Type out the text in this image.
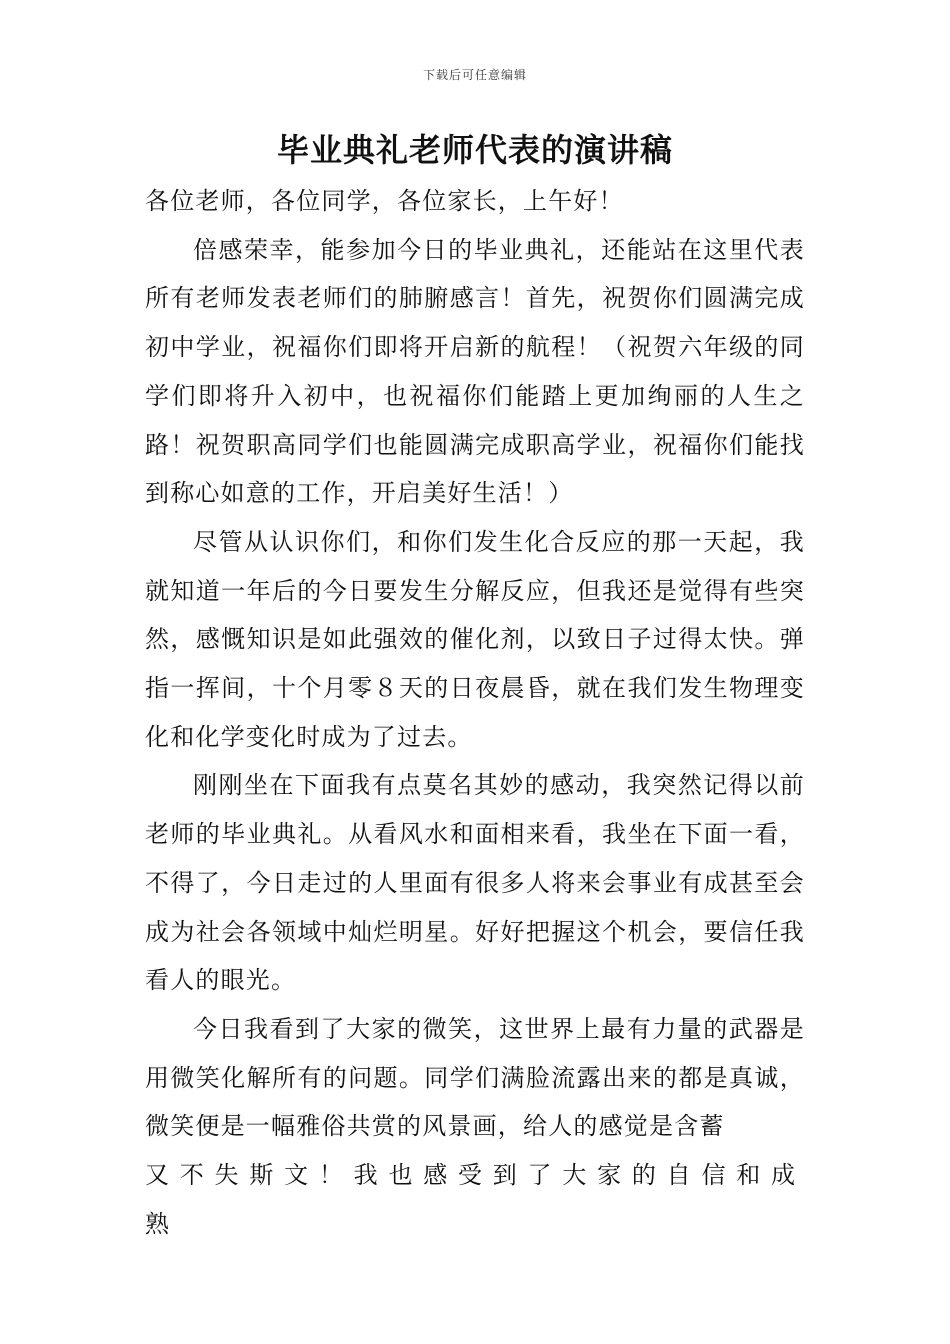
下载后可任意编辑
毕业典礼老师代表的演讲稿

各位老师，各位同学，各位家长，上午好！

倍感荣幸，能参加今日的毕业典礼，还能站在这里代表所有老师发表老师们的肺腑感言！首先，祝贺你们圆满完成初中学业，祝福你们即将开启新的航程！（祝贺六年级的同学们即将升入初中，也祝福你们能踏上更加绚丽的人生之路！祝贺职高同学们也能圆满完成职高学业，祝福你们能找到称心如意的工作，开启美好生活！）

尽管从认识你们，和你们发生化合反应的那一天起，我就知道一年后的今日要发生分解反应，但我还是觉得有些突然，感慨知识是如此强效的催化剂，以致日子过得太快。弹指一挥间，十个月零８天的日夜晨昏，就在我们发生物理变化和化学变化时成为了过去。

刚刚坐在下面我有点莫名其妙的感动，我突然记得以前老师的毕业典礼。从看风水和面相来看，我坐在下面一看，不得了，今日走过的人里面有很多人将来会事业有成甚至会成为社会各领域中灿烂明星。好好把握这个机会，要信任我看人的眼光。

今日我看到了大家的微笑，这世界上最有力量的武器是用微笑化解所有的问题。同学们满脸流露出来的都是真诚，微笑便是一幅雅俗共赏的风景画，给人的感觉是含蓄

又不失斯文！我也感受到了大家的自信和成熟
